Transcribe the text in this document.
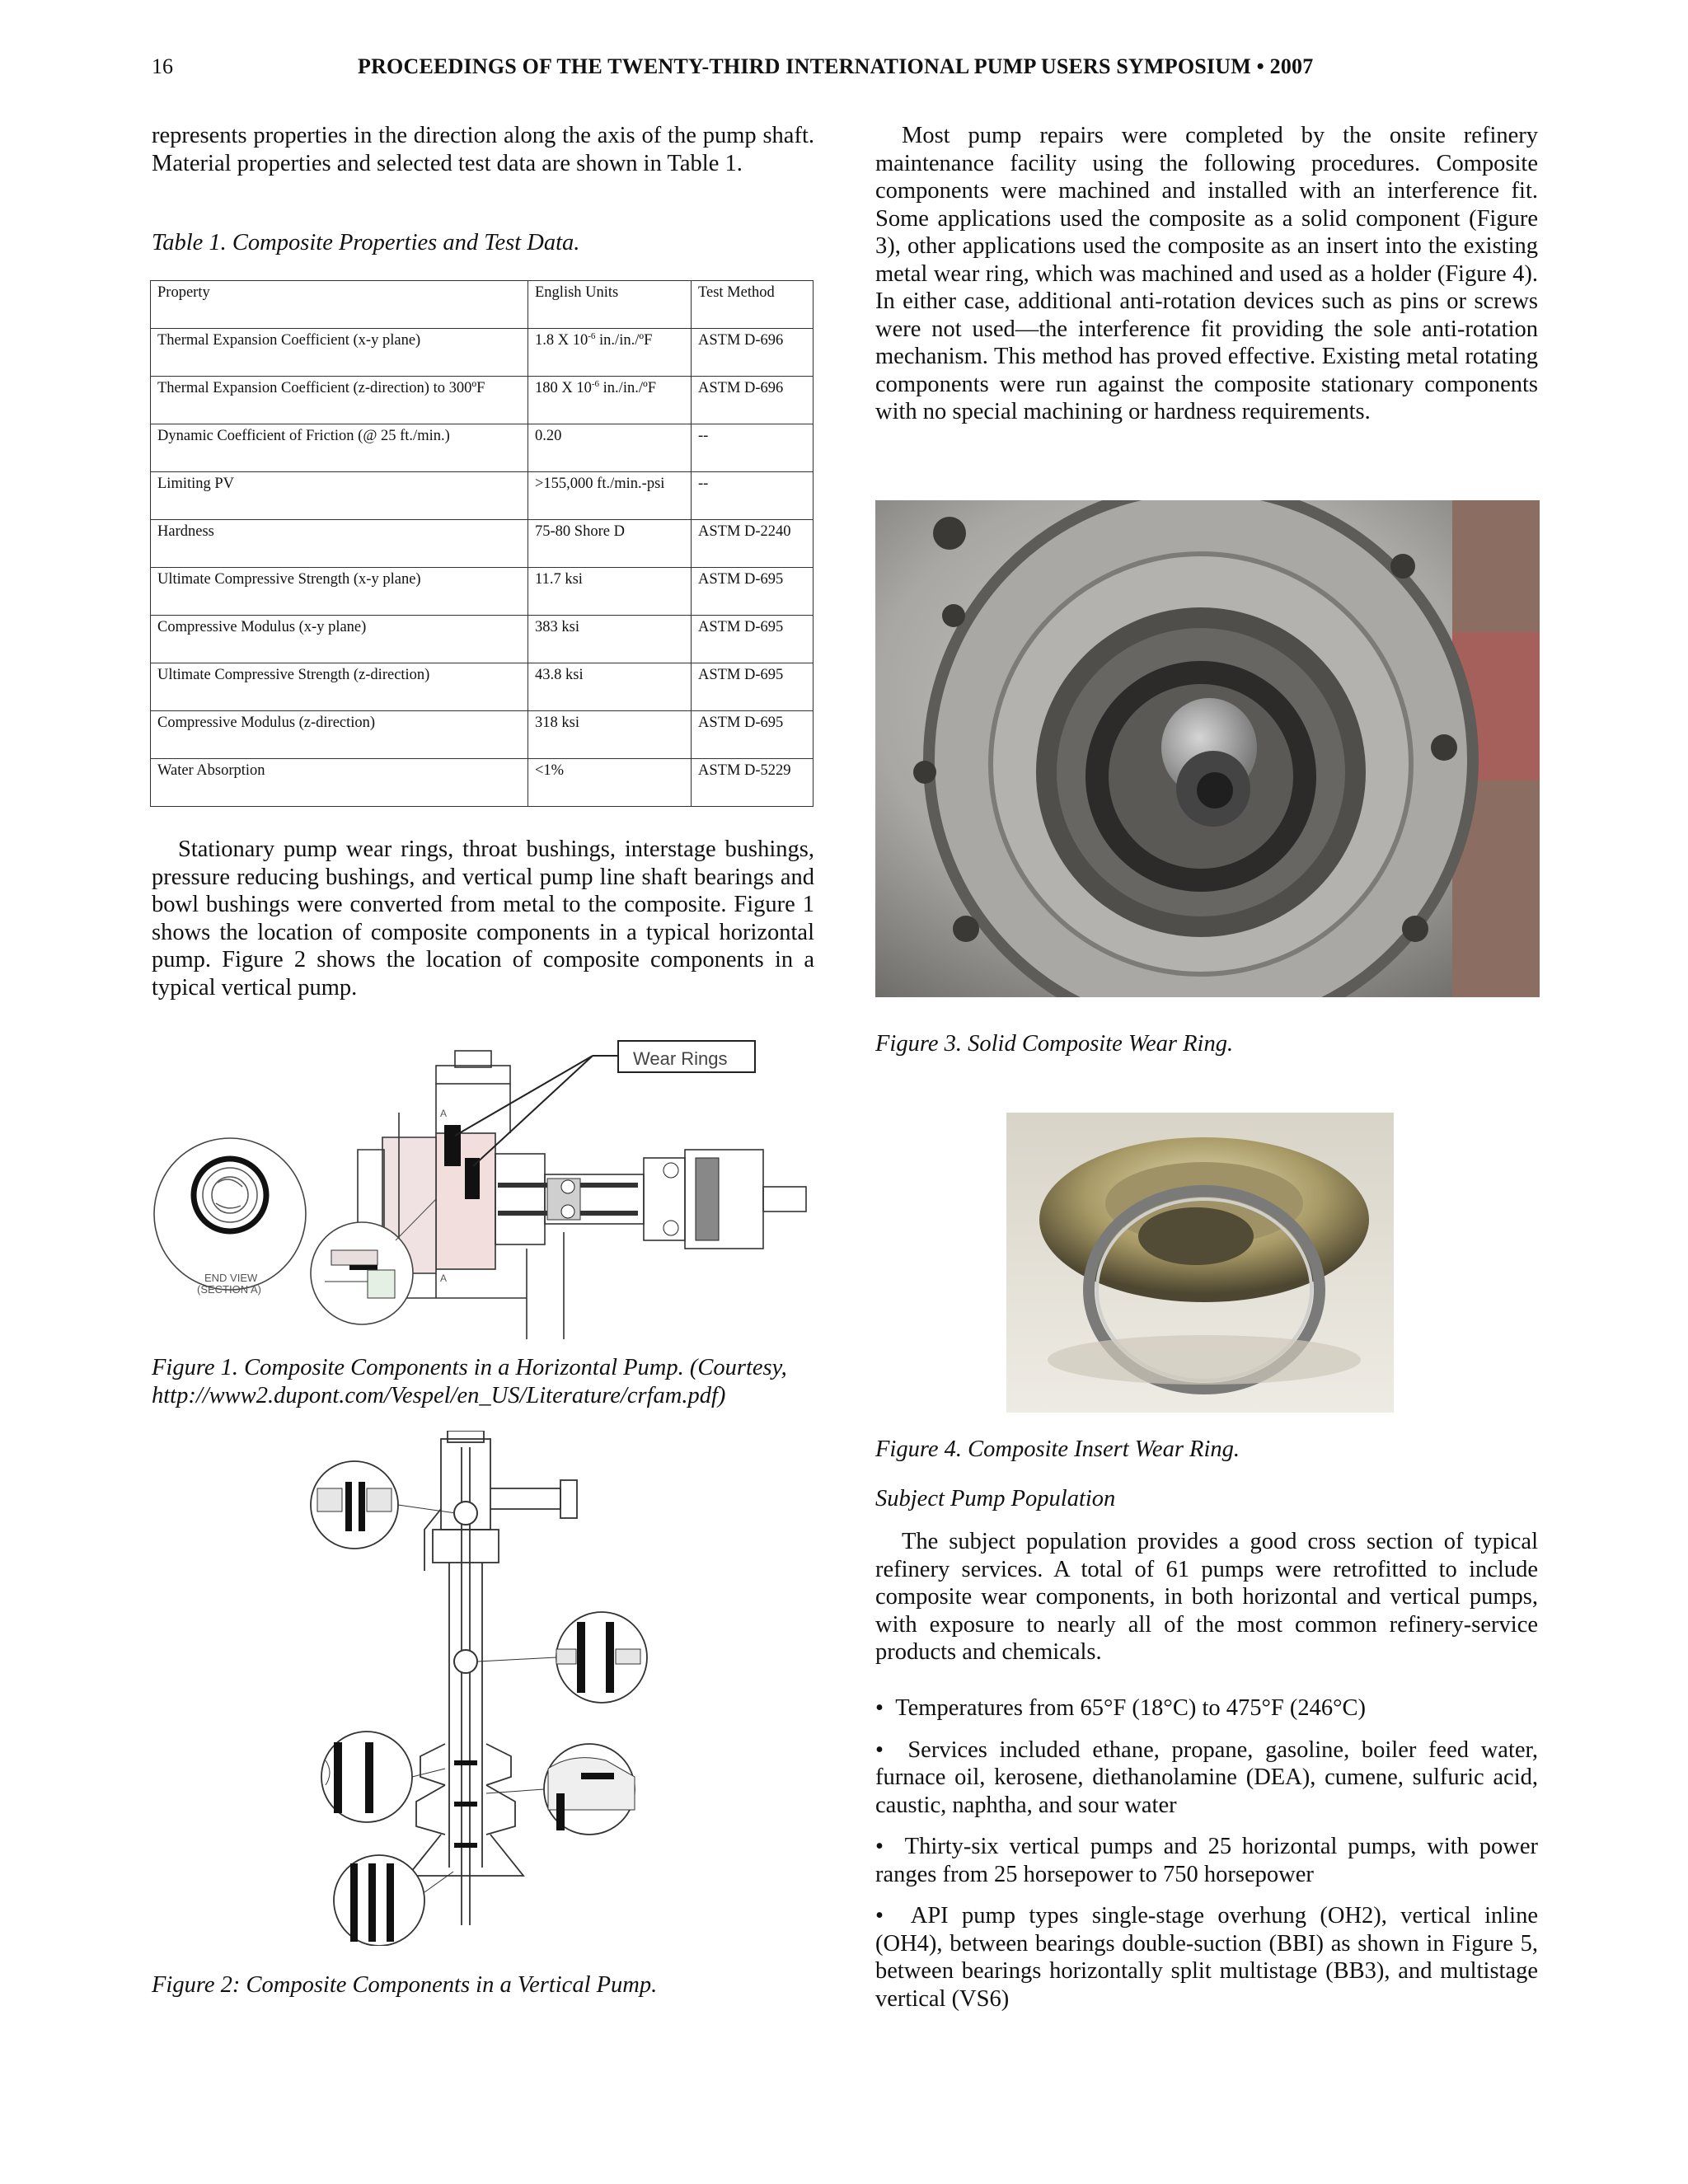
16	PROCEEDINGS OF THE TWENTY-THIRD INTERNATIONAL PUMP USERS SYMPOSIUM • 2007

represents properties in the direction along the axis of the pump shaft. Material properties and selected test data are shown in Table 1.

Table 1. Composite Properties and Test Data.

Property	English Units	Test Method
Thermal Expansion Coefficient (x-y plane)	1.8 X $10^{-6}$ in./in./ºF	ASTM D-696
Thermal Expansion Coefficient (z-direction) to 300ºF	180 X $10^{-6}$ in./in./ºF	ASTM D-696
Dynamic Coefficient of Friction (@ 25 ft./min.)	0.20	--
Limiting PV	>155,000 ft./min.-psi	--
Hardness	75-80 Shore D	ASTM D-2240
Ultimate Compressive Strength (x-y plane)	11.7 ksi	ASTM D-695
Compressive Modulus (x-y plane)	383 ksi	ASTM D-695
Ultimate Compressive Strength (z-direction)	43.8 ksi	ASTM D-695
Compressive Modulus (z-direction)	318 ksi	ASTM D-695
Water Absorption	<1%	ASTM D-5229

Stationary pump wear rings, throat bushings, interstage bushings, pressure reducing bushings, and vertical pump line shaft bearings and bowl bushings were converted from metal to the composite. Figure 1 shows the location of composite components in a typical horizontal pump. Figure 2 shows the location of composite components in a typical vertical pump.

END VIEW
(SECTION A)
Wear Rings
A
A

Figure 1. Composite Components in a Horizontal Pump. (Courtesy,
http://www2.dupont.com/Vespel/en_US/Literature/crfam.pdf)

Figure 2: Composite Components in a Vertical Pump.

Most pump repairs were completed by the onsite refinery maintenance facility using the following procedures. Composite components were machined and installed with an interference fit. Some applications used the composite as a solid component (Figure 3), other applications used the composite as an insert into the existing metal wear ring, which was machined and used as a holder (Figure 4). In either case, additional anti-rotation devices such as pins or screws were not used—the interference fit providing the sole anti-rotation mechanism. This method has proved effective. Existing metal rotating components were run against the composite stationary components with no special machining or hardness requirements.

Figure 3. Solid Composite Wear Ring.

Figure 4. Composite Insert Wear Ring.

Subject Pump Population

The subject population provides a good cross section of typical refinery services. A total of 61 pumps were retrofitted to include composite wear components, in both horizontal and vertical pumps, with exposure to nearly all of the most common refinery-service products and chemicals.

• Temperatures from 65°F (18°C) to 475°F (246°C)

• Services included ethane, propane, gasoline, boiler feed water, furnace oil, kerosene, diethanolamine (DEA), cumene, sulfuric acid, caustic, naphtha, and sour water

• Thirty-six vertical pumps and 25 horizontal pumps, with power ranges from 25 horsepower to 750 horsepower

• API pump types single-stage overhung (OH2), vertical inline (OH4), between bearings double-suction (BBI) as shown in Figure 5, between bearings horizontally split multistage (BB3), and multistage vertical (VS6)
